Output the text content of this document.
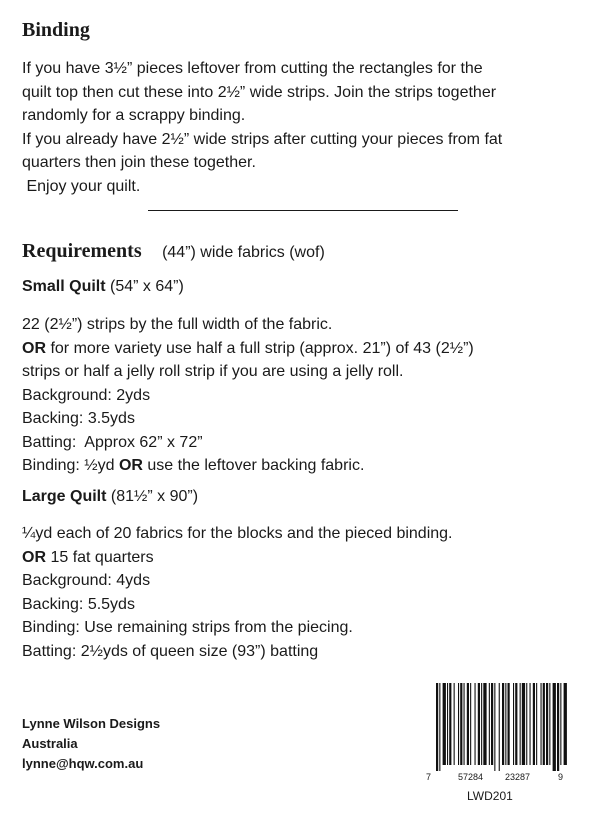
Binding

If you have 3½” pieces leftover from cutting the rectangles for the
quilt top then cut these into 2½” wide strips. Join the strips together
randomly for a scrappy binding.
If you already have 2½” wide strips after cutting your pieces from fat
quarters then join these together.
Enjoy your quilt.

Requirements (44”) wide fabrics (wof)
Small Quilt (54” x 64”)

22 (2½”) strips by the full width of the fabric.
OR for more variety use half a full strip (approx. 21”) of 43 (2½”)
strips or half a jelly roll strip if you are using a jelly roll.
Background: 2yds
Backing: 3.5yds
Batting:  Approx 62” x 72”
Binding: ½yd OR use the leftover backing fabric.

Large Quilt (81½” x 90”)

¼yd each of 20 fabrics for the blocks and the pieced binding.
OR 15 fat quarters
Background: 4yds
Backing: 5.5yds
Binding: Use remaining strips from the piecing.
Batting: 2½yds of queen size (93”) batting

Lynne Wilson Designs
Australia
lynne@hqw.com.au
7	57284 23287	9
LWD201
